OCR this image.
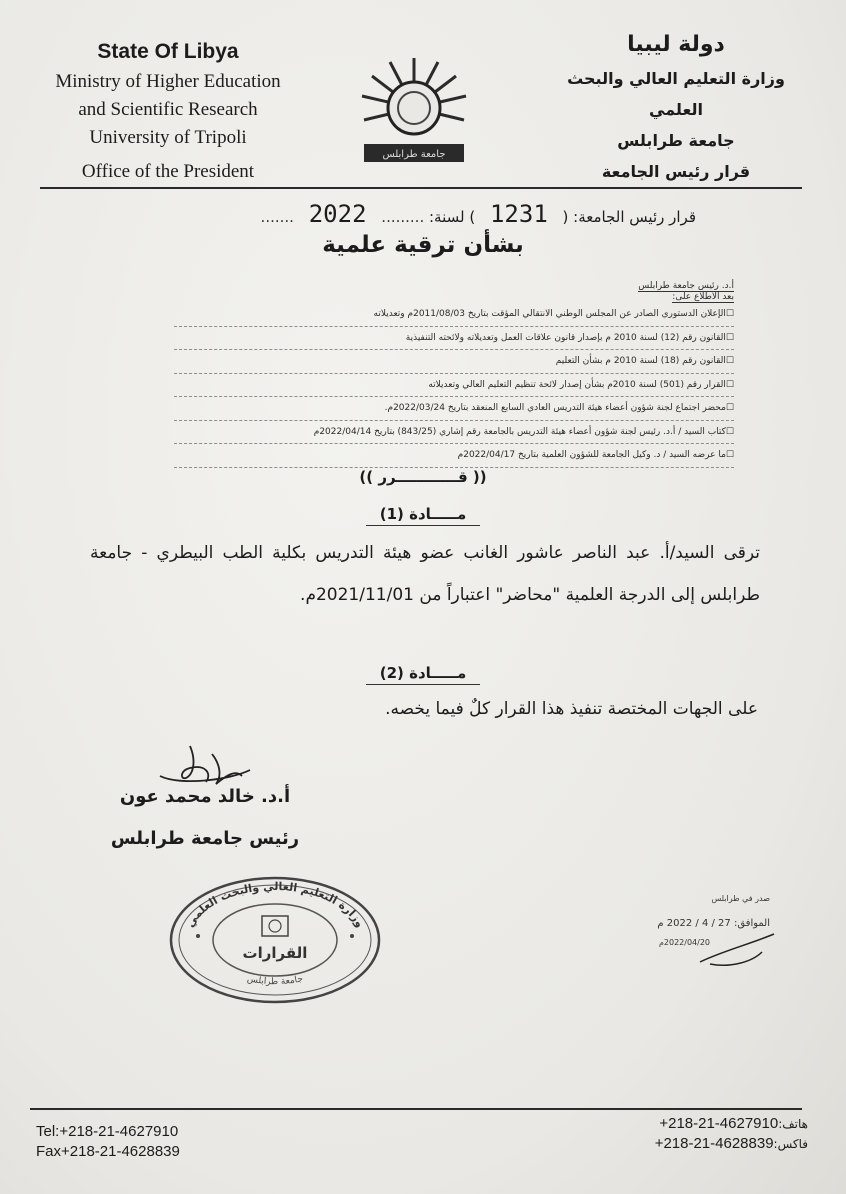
State Of Libya
Ministry of Higher Education
and Scientific Research
University of Tripoli
Office of the President
جامعة طرابلس
دولة ليبيا
وزارة التعليم العالي والبحث العلمي
جامعة طرابلس
قرار رئيس الجامعة
قرار رئيس الجامعة: ( 1231 ) لسنة: ......... 2022 .......
بشأن ترقية علمية
أ.د. رئيس جامعة طرابلس
بعد الاطلاع على:
☐ الإعلان الدستوري الصادر عن المجلس الوطني الانتقالي المؤقت بتاريخ 2011/08/03م وتعديلاته
☐ القانون رقم (12) لسنة 2010 م بإصدار قانون علاقات العمل وتعديلاته ولائحته التنفيذية
☐ القانون رقم (18) لسنة 2010 م بشأن التعليم
☐ القرار رقم (501) لسنة 2010م بشأن إصدار لائحة تنظيم التعليم العالي وتعديلاته
☐ محضر اجتماع لجنة شؤون أعضاء هيئة التدريس العادي السابع المنعقد بتاريخ 2022/03/24م.
☐ كتاب السيد / أ.د. رئيس لجنة شؤون أعضاء هيئة التدريس بالجامعة رقم إشاري (843/25) بتاريخ 2022/04/14م
☐ ما عرضه السيد / د. وكيل الجامعة للشؤون العلمية بتاريخ 2022/04/17م
(( قــــــــــــرر ))
مـــــادة (1)
ترقى السيد/أ. عبد الناصر عاشور الغانب عضو هيئة التدريس بكلية الطب البيطري - جامعة طرابلس إلى الدرجة العلمية "محاضر" اعتباراً من 2021/11/01م.
مـــــادة (2)
على الجهات المختصة تنفيذ هذا القرار كلٌ فيما يخصه.
أ.د. خالد محمد عون
رئيس جامعة طرابلس
وزارة التعليم العالي والبحث العلمي
جامعة طرابلس
القرارات
صدر في طرابلس
الموافق: 27 / 4 / 2022 م
2022/04/20م
Tel:+218-21-4627910
Fax+218-21-4628839
+218-21-4627910:هاتف
+218-21-4628839:فاكس
